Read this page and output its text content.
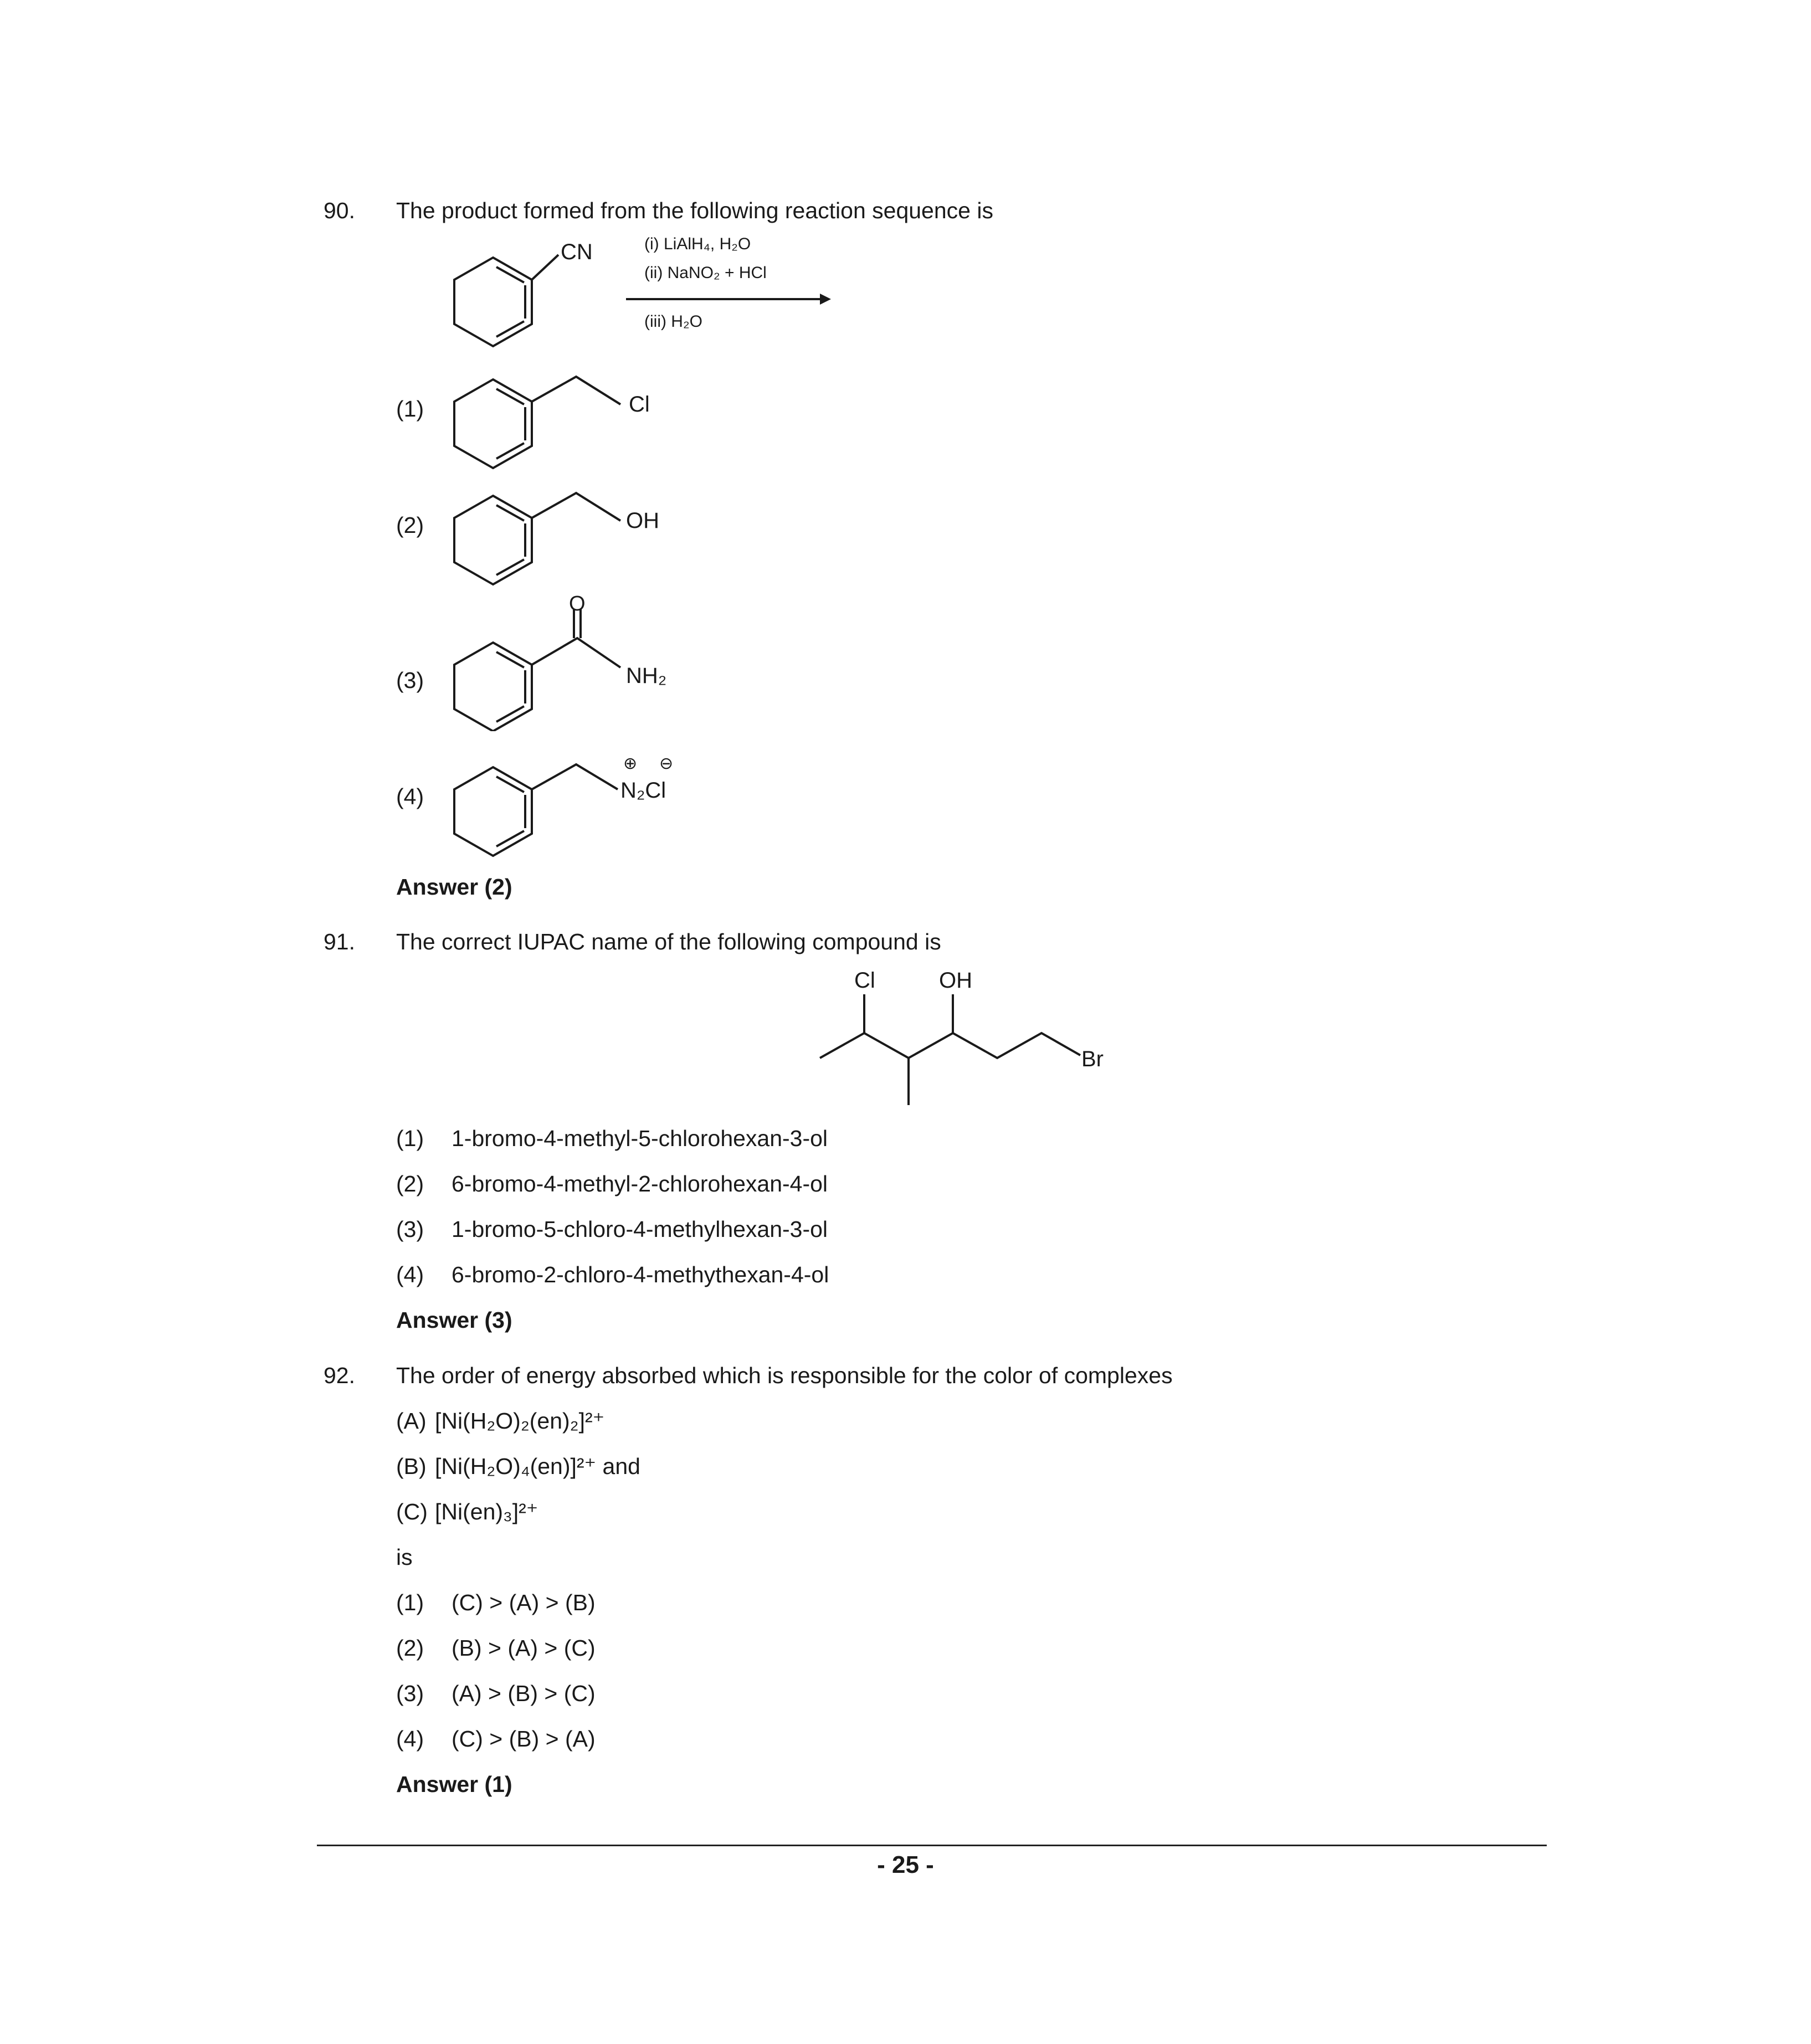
90. The product formed from the following reaction sequence is
CN	(i) LiAlH₄, H₂O
(ii) NaNO₂ + HCl
(iii) H₂O
(1)	Cl
(2)	OH
(3)
O
NH₂
(4)
⊕ ⊖
N₂Cl
Answer (2)
91. The correct IUPAC name of the following compound is
Cl	OH
Br
(1) 1-bromo-4-methyl-5-chlorohexan-3-ol
(2) 6-bromo-4-methyl-2-chlorohexan-4-ol
(3) 1-bromo-5-chloro-4-methylhexan-3-ol
(4) 6-bromo-2-chloro-4-methythexan-4-ol
Answer (3)
92. The order of energy absorbed which is responsible for the color of complexes
(A) [Ni(H₂O)₂(en)₂]²⁺
(B) [Ni(H₂O)₄(en)]²⁺ and
(C) [Ni(en)₃]²⁺
is
(1) (C) > (A) > (B)
(2) (B) > (A) > (C)
(3) (A) > (B) > (C)
(4) (C) > (B) > (A)
Answer (1)
- 25 -
